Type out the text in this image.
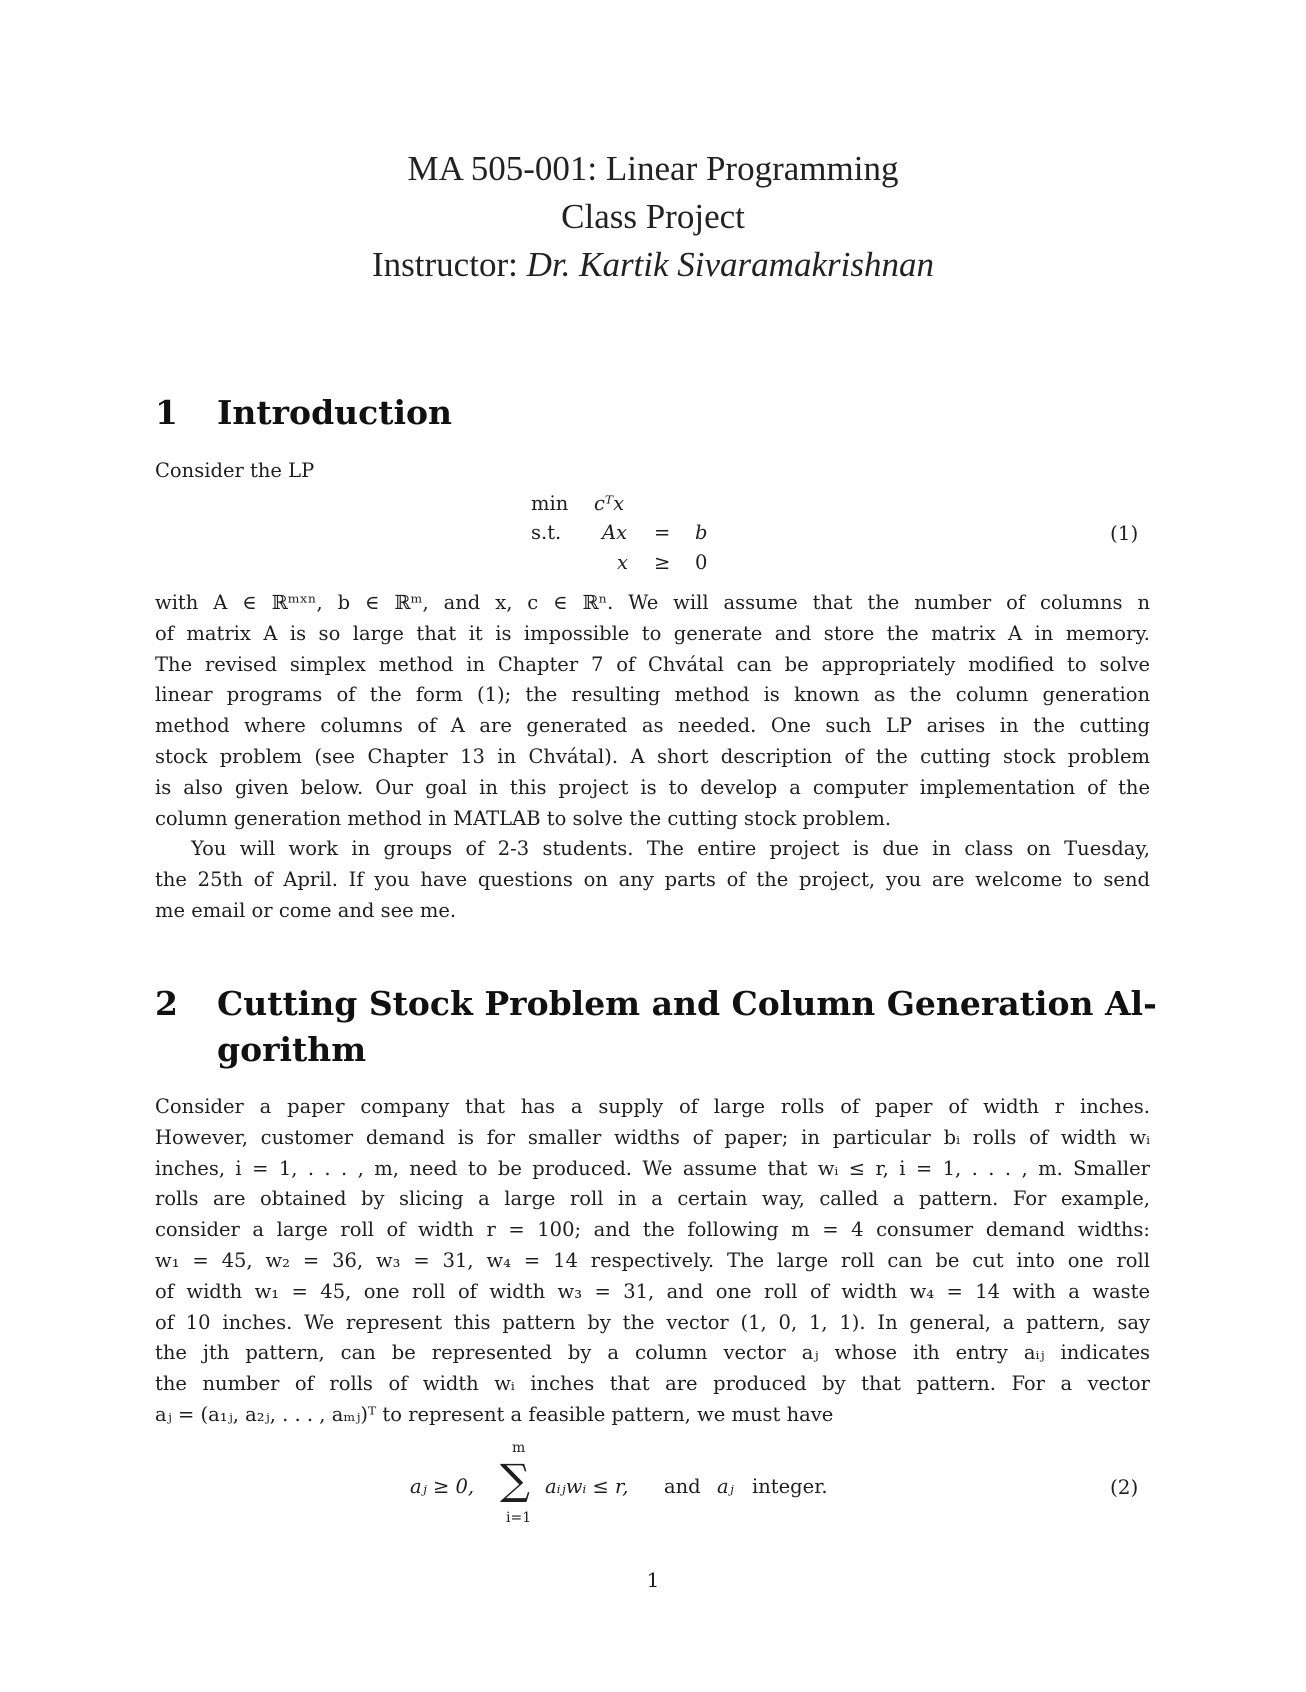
MA 505-001: Linear Programming
Class Project
Instructor: Dr. Kartik Sivaramakrishnan
1 Introduction
Consider the LP
min cᵀx
s.t. Ax = b
x ≥ 0
(1)
with A ∈ ℝᵐˣⁿ, b ∈ ℝᵐ, and x, c ∈ ℝⁿ. We will assume that the number of columns n
of matrix A is so large that it is impossible to generate and store the matrix A in memory.
The revised simplex method in Chapter 7 of Chvátal can be appropriately modified to solve
linear programs of the form (1); the resulting method is known as the column generation
method where columns of A are generated as needed. One such LP arises in the cutting
stock problem (see Chapter 13 in Chvátal). A short description of the cutting stock problem
is also given below. Our goal in this project is to develop a computer implementation of the
column generation method in MATLAB to solve the cutting stock problem.
You will work in groups of 2-3 students. The entire project is due in class on Tuesday,
the 25th of April. If you have questions on any parts of the project, you are welcome to send
me email or come and see me.
2 Cutting Stock Problem and Column Generation Al-
gorithm
Consider a paper company that has a supply of large rolls of paper of width r inches.
However, customer demand is for smaller widths of paper; in particular bᵢ rolls of width wᵢ
inches, i = 1, . . . , m, need to be produced. We assume that wᵢ ≤ r, i = 1, . . . , m. Smaller
rolls are obtained by slicing a large roll in a certain way, called a pattern. For example,
consider a large roll of width r = 100; and the following m = 4 consumer demand widths:
w₁ = 45, w₂ = 36, w₃ = 31, w₄ = 14 respectively. The large roll can be cut into one roll
of width w₁ = 45, one roll of width w₃ = 31, and one roll of width w₄ = 14 with a waste
of 10 inches. We represent this pattern by the vector (1, 0, 1, 1). In general, a pattern, say
the jth pattern, can be represented by a column vector aⱼ whose ith entry aᵢⱼ indicates
the number of rolls of width wᵢ inches that are produced by that pattern. For a vector
aⱼ = (a₁ⱼ, a₂ⱼ, . . . , aₘⱼ)ᵀ to represent a feasible pattern, we must have
aⱼ ≥ 0,
m
∑
i=1
aᵢⱼwᵢ ≤ r, and aⱼ integer.	(2)
1
